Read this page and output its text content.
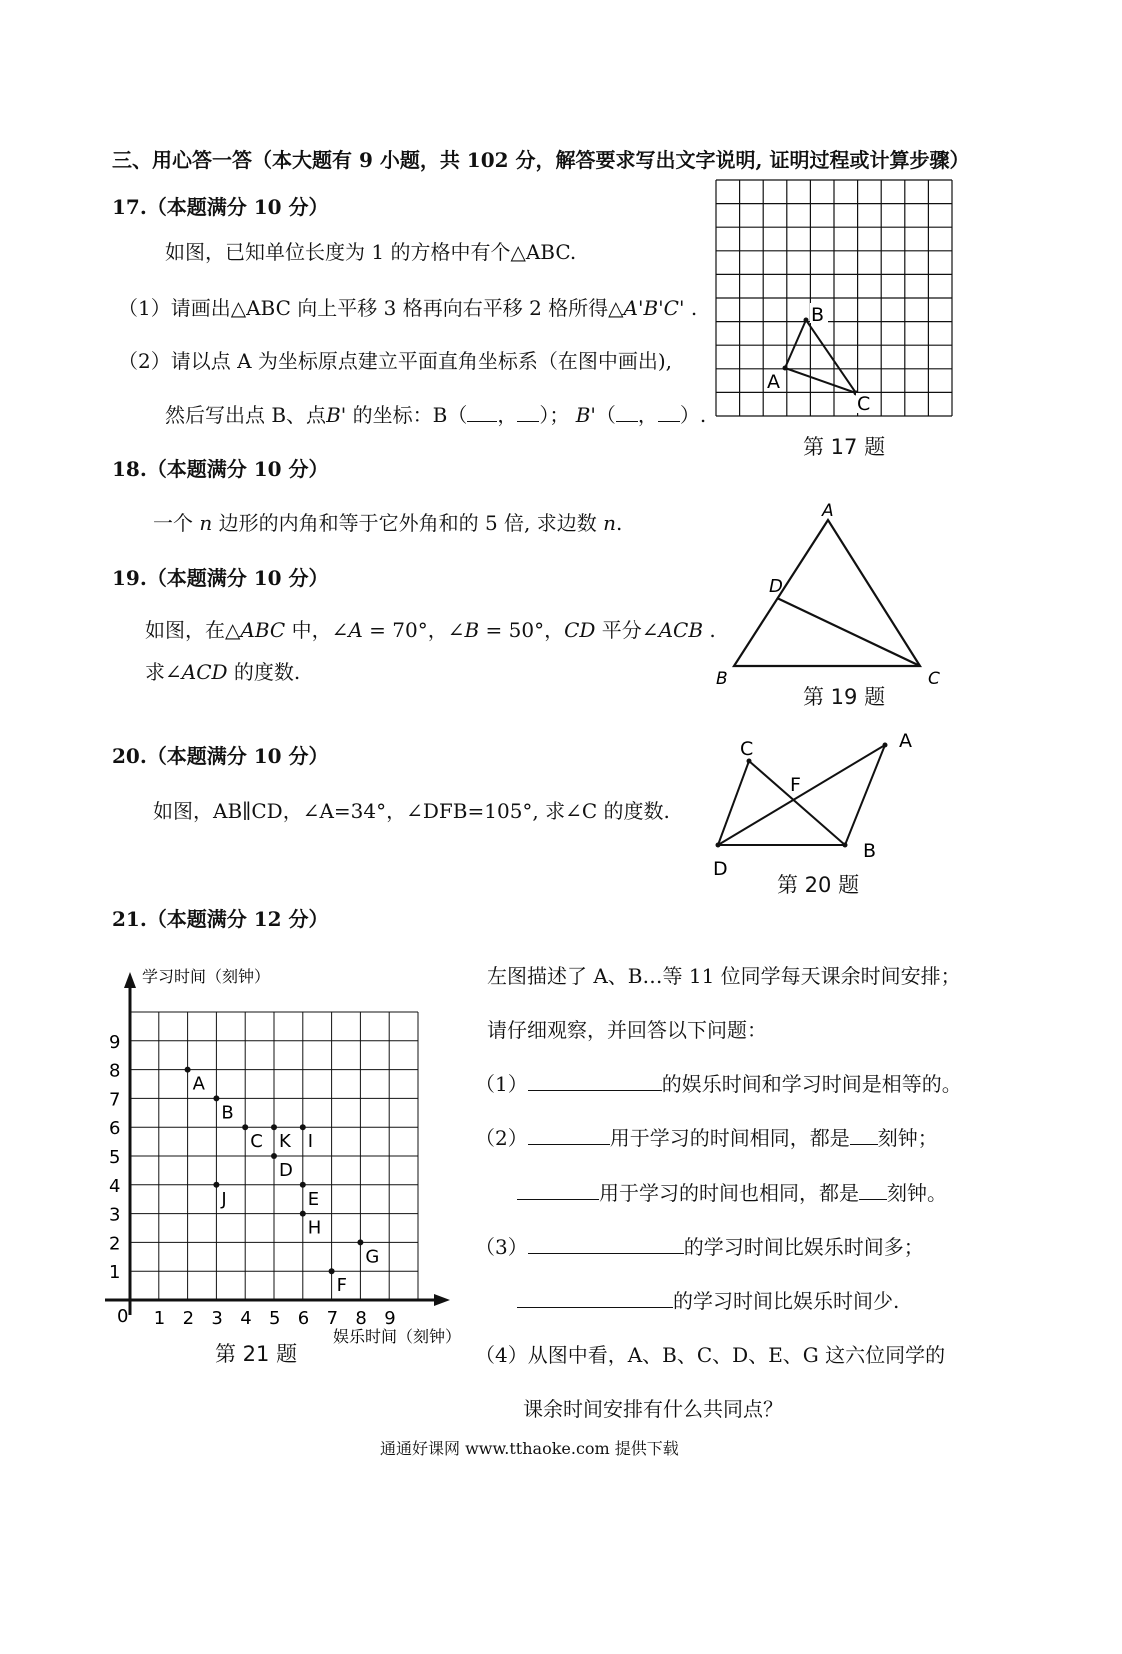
三、用心答一答（本大题有 9 小题，共 102 分，解答要求写出文字说明, 证明过程或计算步骤）
17.（本题满分 10 分）
如图，已知单位长度为 1 的方格中有个△ABC.
（1）请画出△ABC 向上平移 3 格再向右平移 2 格所得△A'B'C' .
（2）请以点 A 为坐标原点建立平面直角坐标系（在图中画出),
然后写出点 B、点B' 的坐标：B（ ， ）； B'（ ， ）.
B
A
C
第 17 题
18.（本题满分 10 分）
一个 n 边形的内角和等于它外角和的 5 倍, 求边数 n.
19.（本题满分 10 分）
如图，在△ABC 中，∠A = 70°，∠B = 50°，CD 平分∠ACB .
求∠ACD 的度数.
A
D
B	C
第 19 题
20.（本题满分 10 分）
如图，AB∥CD，∠A=34°，∠DFB=105°, 求∠C 的度数.
C	A
F
B
D
第 20 题
21.（本题满分 12 分）
学习时间（刻钟）
娱乐时间（刻钟）
0 1 2 3 4 5 6 7 8 9
1
2
3
4
5
6
7
8
9
A
B
C K I
D
J	E
H
G
F
第 21 题
左图描述了 A、B…等 11 位同学每天课余时间安排；
请仔细观察，并回答以下问题：
（1）	的娱乐时间和学习时间是相等的。
（2）	用于学习的时间相同，都是 刻钟；
用于学习的时间也相同，都是 刻钟。
（3）	的学习时间比娱乐时间多；
的学习时间比娱乐时间少.
（4）从图中看，A、B、C、D、E、G 这六位同学的
课余时间安排有什么共同点？
通通好课网 www.tthaoke.com 提供下载
